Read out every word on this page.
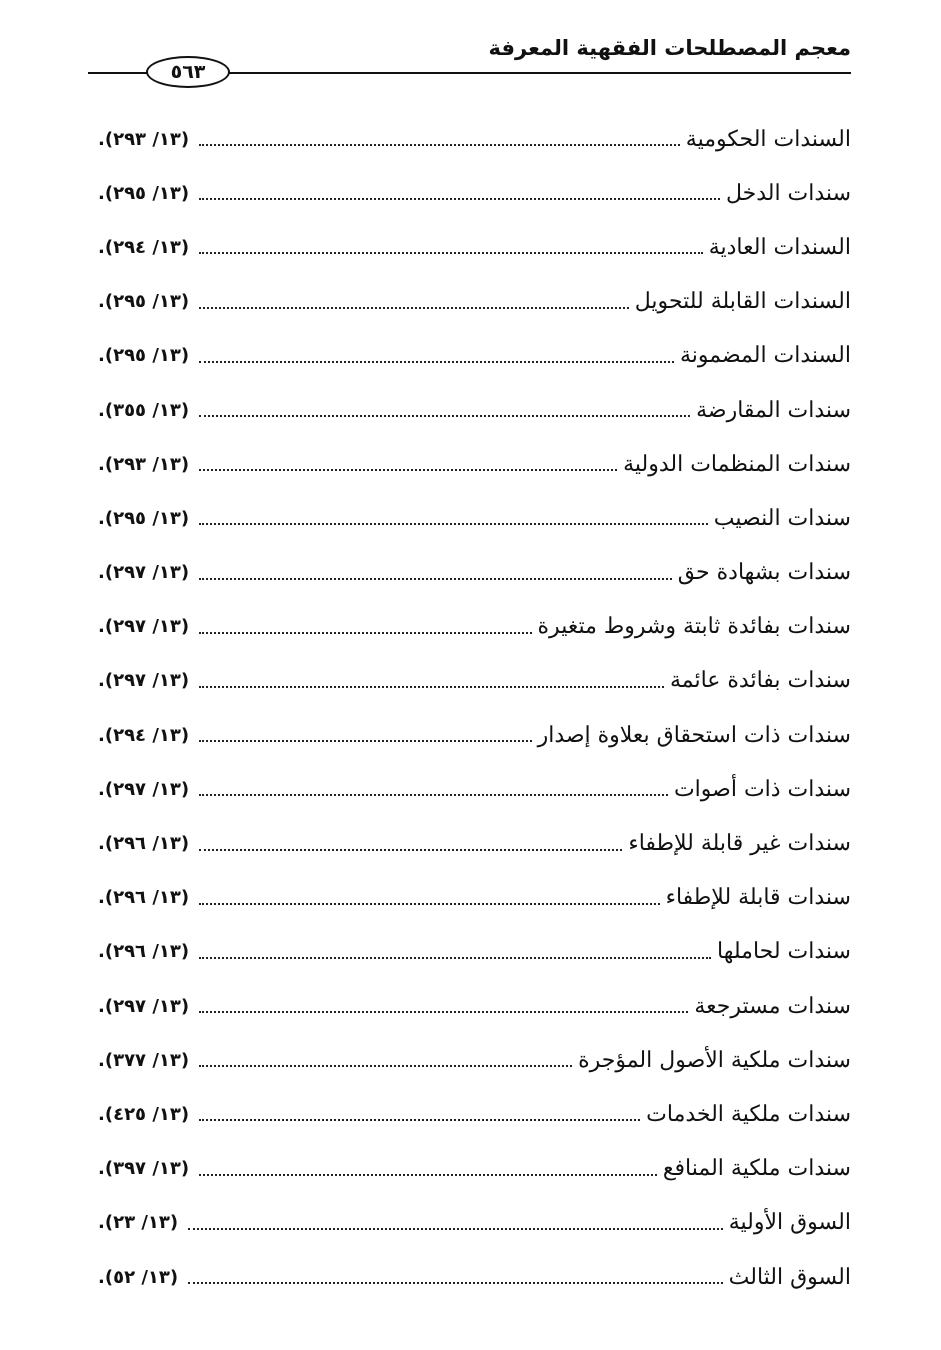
معجم المصطلحات الفقهية المعرفة
٥٦٣
السندات الحكومية
(١٣/ ٢٩٣).
سندات الدخل
(١٣/ ٢٩٥).
السندات العادية
(١٣/ ٢٩٤).
السندات القابلة للتحويل
(١٣/ ٢٩٥).
السندات المضمونة
(١٣/ ٢٩٥).
سندات المقارضة
(١٣/ ٣٥٥).
سندات المنظمات الدولية
(١٣/ ٢٩٣).
سندات النصيب
(١٣/ ٢٩٥).
سندات بشهادة حق
(١٣/ ٢٩٧).
سندات بفائدة ثابتة وشروط متغيرة
(١٣/ ٢٩٧).
سندات بفائدة عائمة
(١٣/ ٢٩٧).
سندات ذات استحقاق بعلاوة إصدار
(١٣/ ٢٩٤).
سندات ذات أصوات
(١٣/ ٢٩٧).
سندات غير قابلة للإطفاء
(١٣/ ٢٩٦).
سندات قابلة للإطفاء
(١٣/ ٢٩٦).
سندات لحاملها
(١٣/ ٢٩٦).
سندات مسترجعة
(١٣/ ٢٩٧).
سندات ملكية الأصول المؤجرة
(١٣/ ٣٧٧).
سندات ملكية الخدمات
(١٣/ ٤٢٥).
سندات ملكية المنافع
(١٣/ ٣٩٧).
السوق الأولية
(١٣/ ٢٣).
السوق الثالث
(١٣/ ٥٢).
